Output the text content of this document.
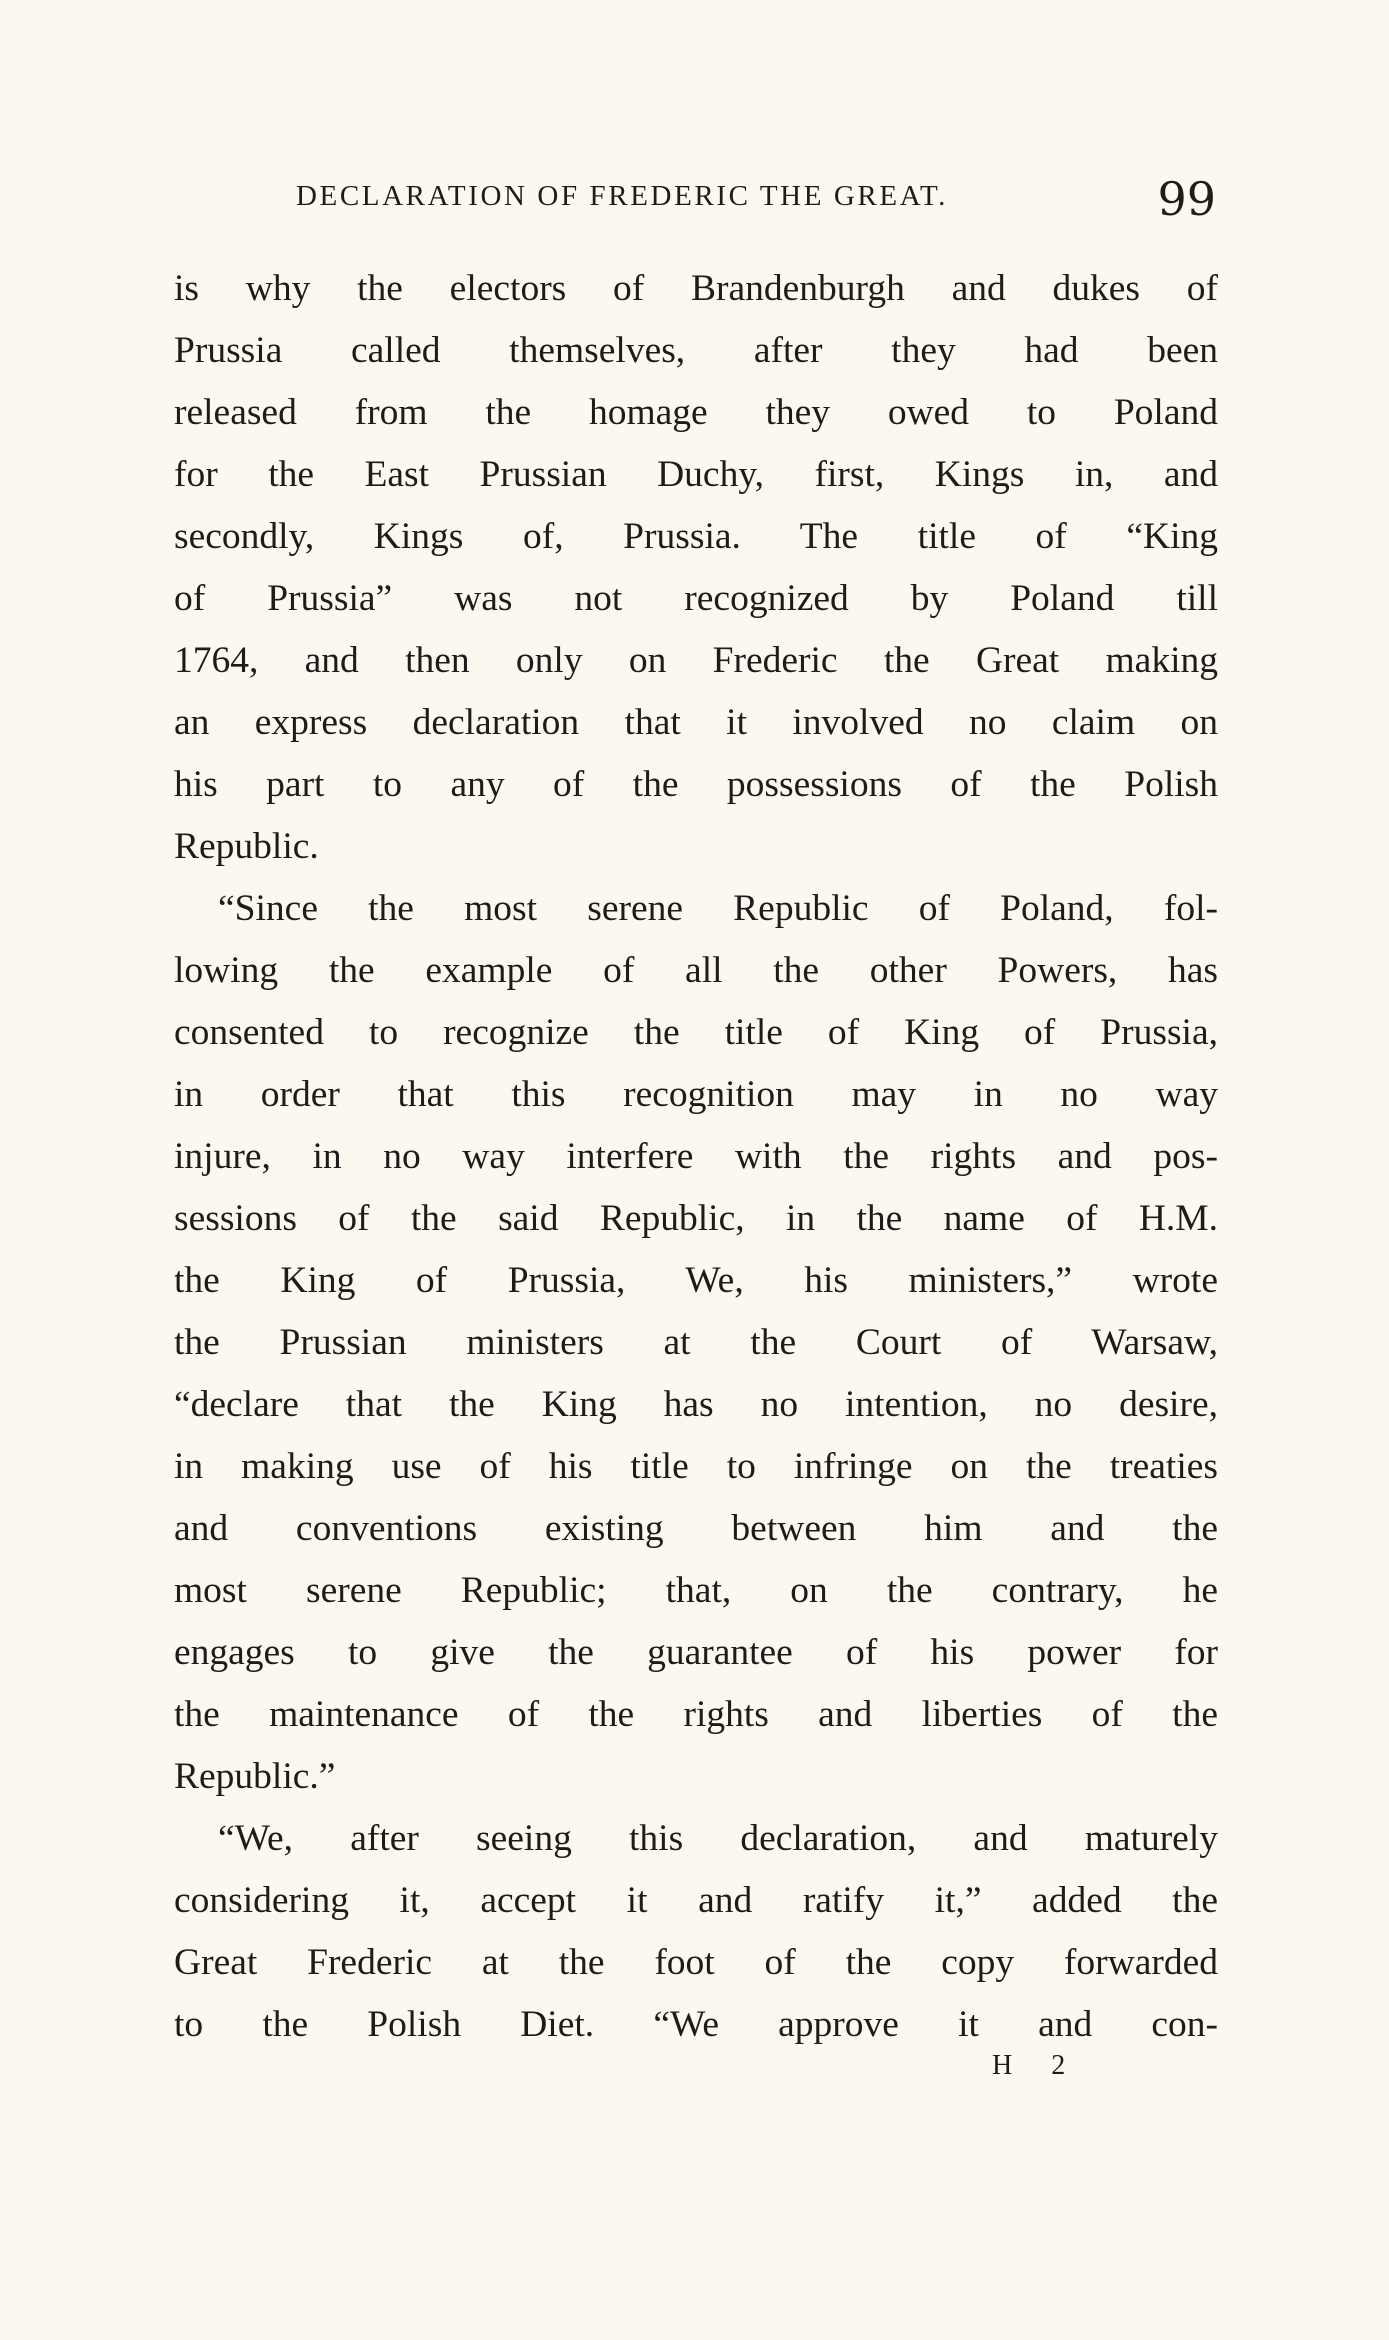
DECLARATION OF FREDERIC THE GREAT.	99
is why the electors of Brandenburgh and dukes of
Prussia called themselves, after they had been
released from the homage they owed to Poland
for the East Prussian Duchy, first, Kings in, and
secondly, Kings of, Prussia. The title of “King
of Prussia” was not recognized by Poland till
1764, and then only on Frederic the Great making
an express declaration that it involved no claim on
his part to any of the possessions of the Polish
Republic.
“Since the most serene Republic of Poland, fol-
lowing the example of all the other Powers, has
consented to recognize the title of King of Prussia,
in order that this recognition may in no way
injure, in no way interfere with the rights and pos-
sessions of the said Republic, in the name of H.M.
the King of Prussia, We, his ministers,” wrote
the Prussian ministers at the Court of Warsaw,
“declare that the King has no intention, no desire,
in making use of his title to infringe on the treaties
and conventions existing between him and the
most serene Republic; that, on the contrary, he
engages to give the guarantee of his power for
the maintenance of the rights and liberties of the
Republic.”
“We, after seeing this declaration, and maturely
considering it, accept it and ratify it,” added the
Great Frederic at the foot of the copy forwarded
to the Polish Diet. “We approve it and con-
H 2
